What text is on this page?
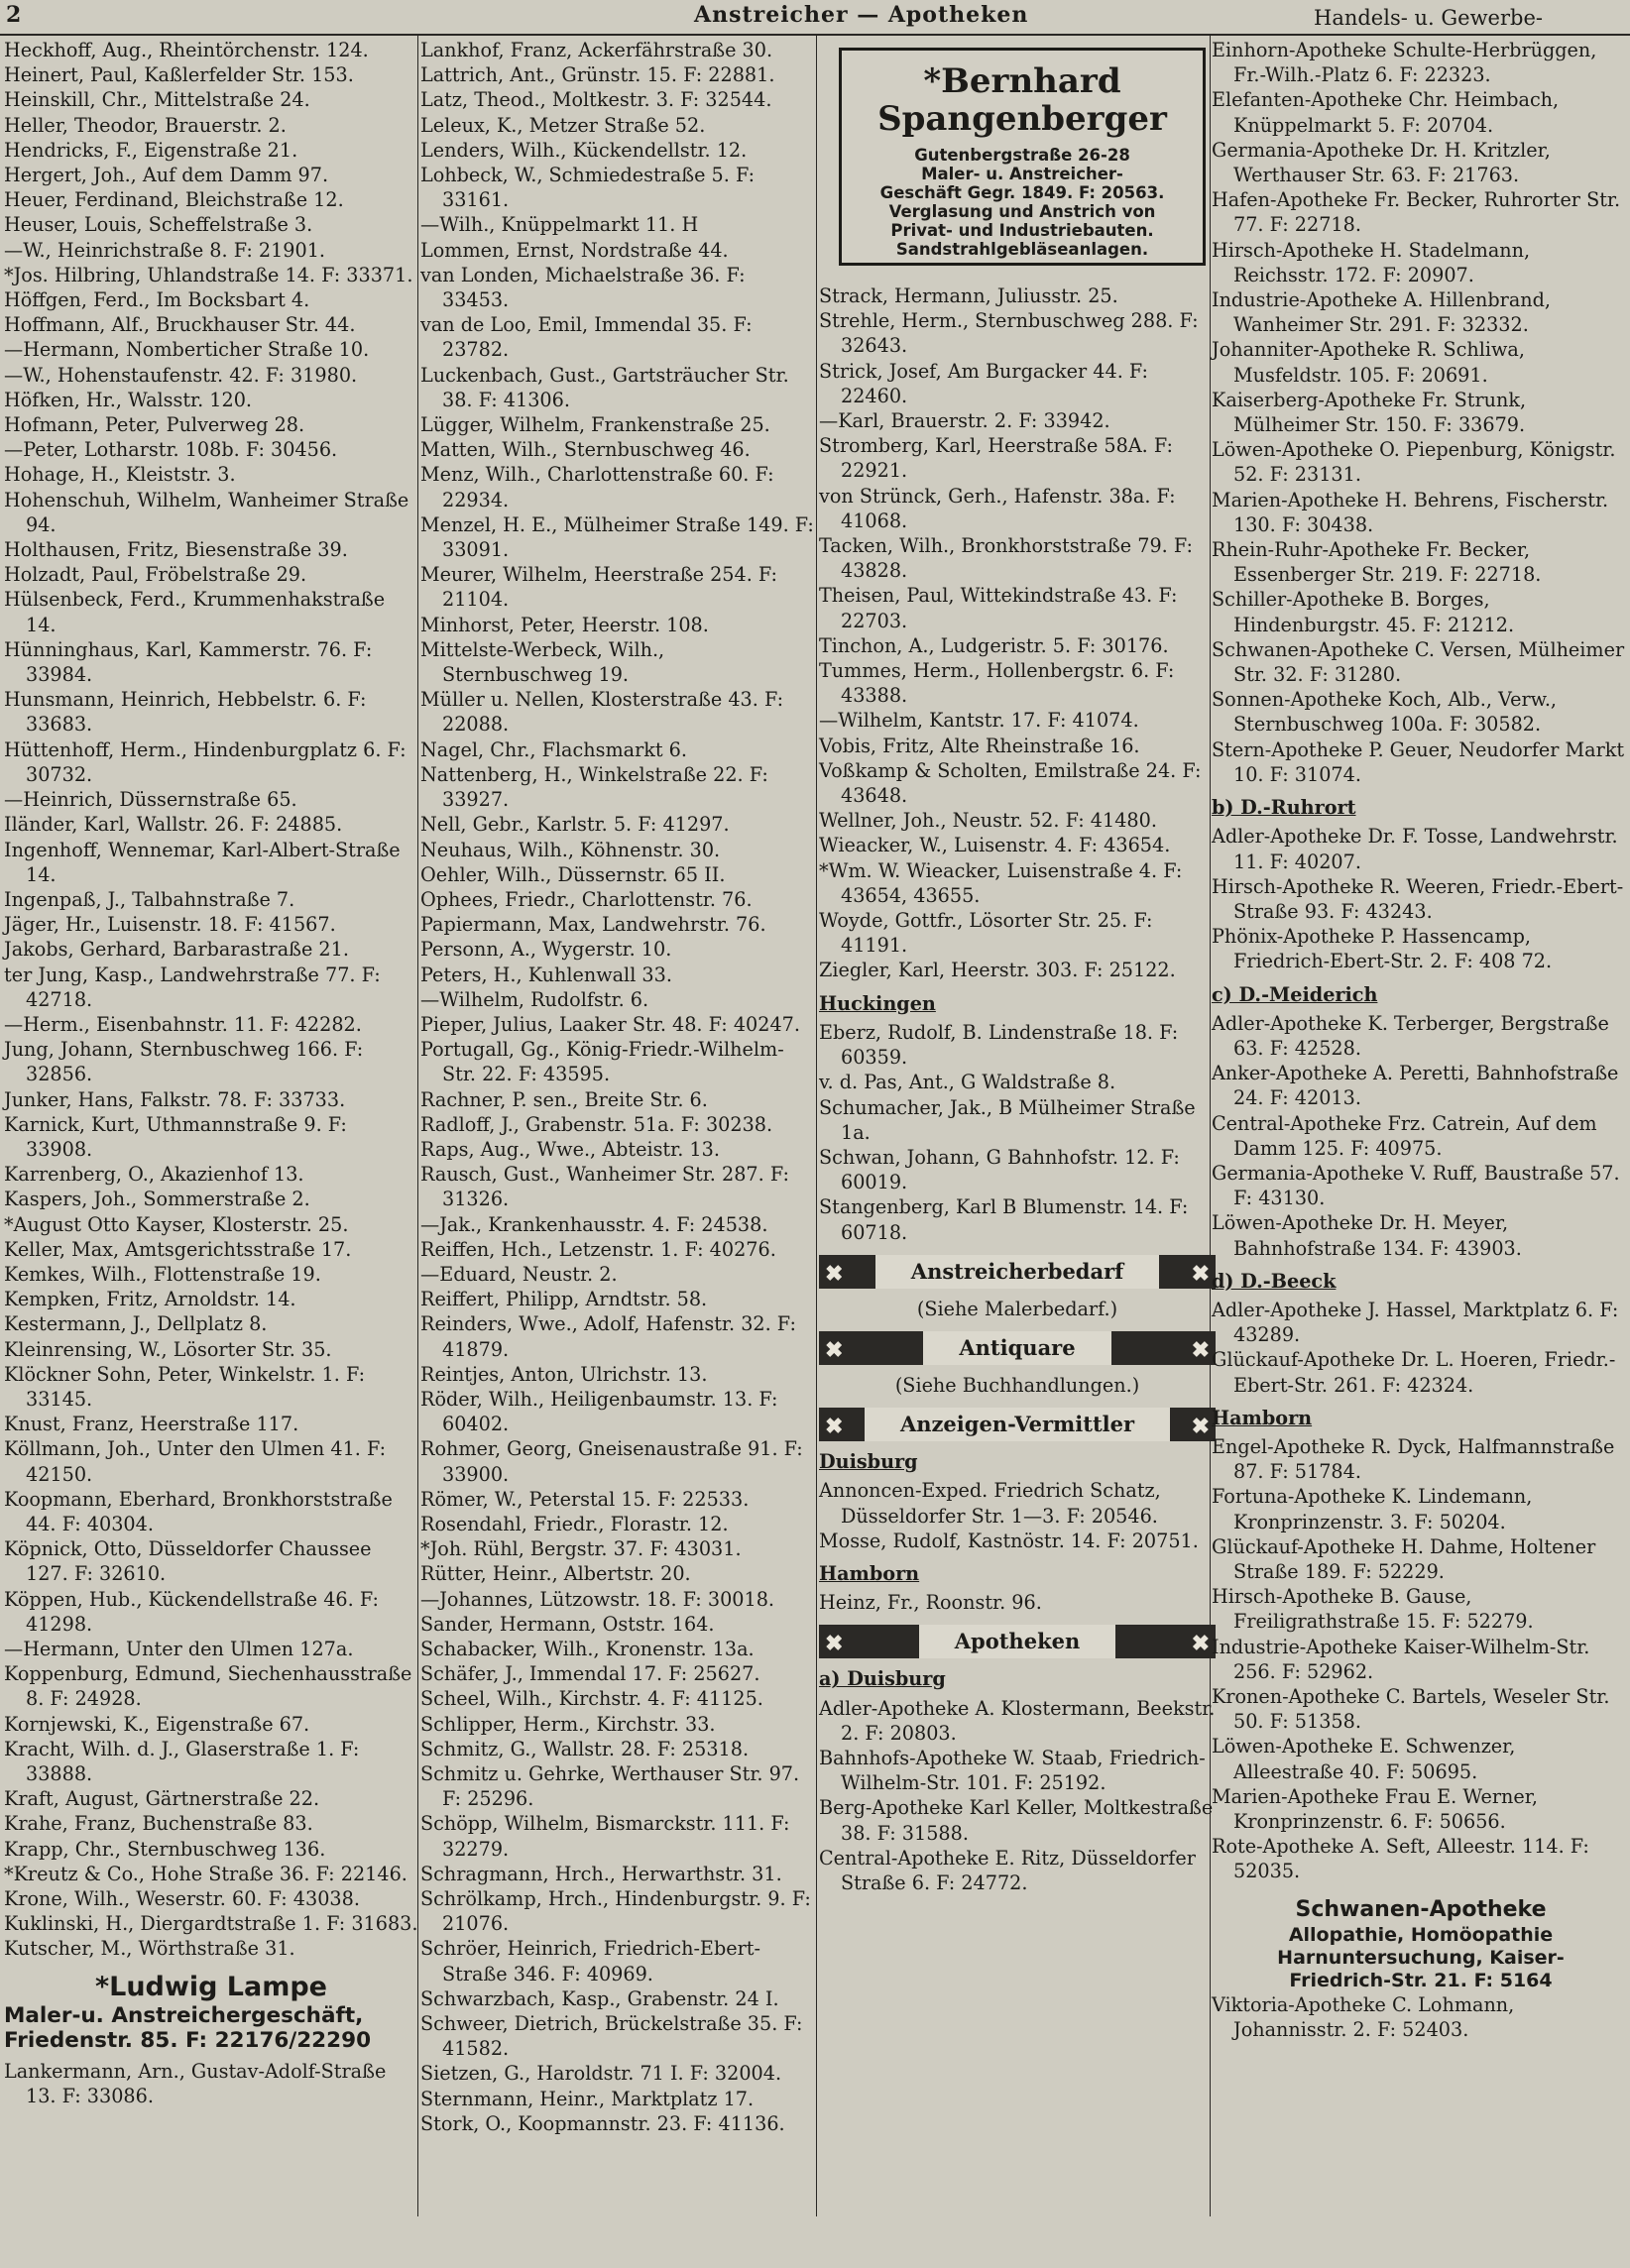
2	Anstreicher — Apotheken	Handels- u. Gewerbe-
Heckhoff, Aug., Rheintörchenstr. 124.
Heinert, Paul, Kaßlerfelder Str. 153.
Heinskill, Chr., Mittelstraße 24.
Heller, Theodor, Brauerstr. 2.
Hendricks, F., Eigenstraße 21.
Hergert, Joh., Auf dem Damm 97.
Heuer, Ferdinand, Bleichstraße 12.
Heuser, Louis, Scheffelstraße 3.
—W., Heinrichstraße 8. F: 21901.
*Jos. Hilbring, Uhlandstraße 14. F: 33371.
Höffgen, Ferd., Im Bocksbart 4.
Hoffmann, Alf., Bruckhauser Str. 44.
—Hermann, Nomberticher Straße 10.
—W., Hohenstaufenstr. 42. F: 31980.
Höfken, Hr., Walsstr. 120.
Hofmann, Peter, Pulverweg 28.
—Peter, Lotharstr. 108b. F: 30456.
Hohage, H., Kleiststr. 3.
Hohenschuh, Wilhelm, Wanheimer Straße 94.
Holthausen, Fritz, Biesenstraße 39.
Holzadt, Paul, Fröbelstraße 29.
Hülsenbeck, Ferd., Krummenhakstraße 14.
Hünninghaus, Karl, Kammerstr. 76. F: 33984.
Hunsmann, Heinrich, Hebbelstr. 6. F: 33683.
Hüttenhoff, Herm., Hindenburgplatz 6. F: 30732.
—Heinrich, Düssernstraße 65.
Iländer, Karl, Wallstr. 26. F: 24885.
Ingenhoff, Wennemar, Karl-Albert-Straße 14.
Ingenpaß, J., Talbahnstraße 7.
Jäger, Hr., Luisenstr. 18. F: 41567.
Jakobs, Gerhard, Barbarastraße 21.
ter Jung, Kasp., Landwehrstraße 77. F: 42718.
—Herm., Eisenbahnstr. 11. F: 42282.
Jung, Johann, Sternbuschweg 166. F: 32856.
Junker, Hans, Falkstr. 78. F: 33733.
Karnick, Kurt, Uthmannstraße 9. F: 33908.
Karrenberg, O., Akazienhof 13.
Kaspers, Joh., Sommerstraße 2.
*August Otto Kayser, Klosterstr. 25.
Keller, Max, Amtsgerichtsstraße 17.
Kemkes, Wilh., Flottenstraße 19.
Kempken, Fritz, Arnoldstr. 14.
Kestermann, J., Dellplatz 8.
Kleinrensing, W., Lösorter Str. 35.
Klöckner Sohn, Peter, Winkelstr. 1. F: 33145.
Knust, Franz, Heerstraße 117.
Köllmann, Joh., Unter den Ulmen 41. F: 42150.
Koopmann, Eberhard, Bronkhorststraße 44. F: 40304.
Köpnick, Otto, Düsseldorfer Chaussee 127. F: 32610.
Köppen, Hub., Kückendellstraße 46. F: 41298.
—Hermann, Unter den Ulmen 127a.
Koppenburg, Edmund, Siechenhausstraße 8. F: 24928.
Kornjewski, K., Eigenstraße 67.
Kracht, Wilh. d. J., Glaserstraße 1. F: 33888.
Kraft, August, Gärtnerstraße 22.
Krahe, Franz, Buchenstraße 83.
Krapp, Chr., Sternbuschweg 136.
*Kreutz & Co., Hohe Straße 36. F: 22146.
Krone, Wilh., Weserstr. 60. F: 43038.
Kuklinski, H., Diergardtstraße 1. F: 31683.
Kutscher, M., Wörthstraße 31.
*Ludwig Lampe
Maler-u. Anstreichergeschäft,
Friedenstr. 85. F: 22176/22290
Lankermann, Arn., Gustav-Adolf-Straße 13. F: 33086.
Lankhof, Franz, Ackerfährstraße 30.
Lattrich, Ant., Grünstr. 15. F: 22881.
Latz, Theod., Moltkestr. 3. F: 32544.
Leleux, K., Metzer Straße 52.
Lenders, Wilh., Kückendellstr. 12.
Lohbeck, W., Schmiedestraße 5. F: 33161.
—Wilh., Knüppelmarkt 11. H
Lommen, Ernst, Nordstraße 44.
van Londen, Michaelstraße 36. F: 33453.
van de Loo, Emil, Immendal 35. F: 23782.
Luckenbach, Gust., Gartsträucher Str. 38. F: 41306.
Lügger, Wilhelm, Frankenstraße 25.
Matten, Wilh., Sternbuschweg 46.
Menz, Wilh., Charlottenstraße 60. F: 22934.
Menzel, H. E., Mülheimer Straße 149. F: 33091.
Meurer, Wilhelm, Heerstraße 254. F: 21104.
Minhorst, Peter, Heerstr. 108.
Mittelste-Werbeck, Wilh., Sternbuschweg 19.
Müller u. Nellen, Klosterstraße 43. F: 22088.
Nagel, Chr., Flachsmarkt 6.
Nattenberg, H., Winkelstraße 22. F: 33927.
Nell, Gebr., Karlstr. 5. F: 41297.
Neuhaus, Wilh., Köhnenstr. 30.
Oehler, Wilh., Düssernstr. 65 II.
Ophees, Friedr., Charlottenstr. 76.
Papiermann, Max, Landwehrstr. 76.
Personn, A., Wygerstr. 10.
Peters, H., Kuhlenwall 33.
—Wilhelm, Rudolfstr. 6.
Pieper, Julius, Laaker Str. 48. F: 40247.
Portugall, Gg., König-Friedr.-Wilhelm-Str. 22. F: 43595.
Rachner, P. sen., Breite Str. 6.
Radloff, J., Grabenstr. 51a. F: 30238.
Raps, Aug., Wwe., Abteistr. 13.
Rausch, Gust., Wanheimer Str. 287. F: 31326.
—Jak., Krankenhausstr. 4. F: 24538.
Reiffen, Hch., Letzenstr. 1. F: 40276.
—Eduard, Neustr. 2.
Reiffert, Philipp, Arndtstr. 58.
Reinders, Wwe., Adolf, Hafenstr. 32. F: 41879.
Reintjes, Anton, Ulrichstr. 13.
Röder, Wilh., Heiligenbaumstr. 13. F: 60402.
Rohmer, Georg, Gneisenaustraße 91. F: 33900.
Römer, W., Peterstal 15. F: 22533.
Rosendahl, Friedr., Florastr. 12.
*Joh. Rühl, Bergstr. 37. F: 43031.
Rütter, Heinr., Albertstr. 20.
—Johannes, Lützowstr. 18. F: 30018.
Sander, Hermann, Oststr. 164.
Schabacker, Wilh., Kronenstr. 13a.
Schäfer, J., Immendal 17. F: 25627.
Scheel, Wilh., Kirchstr. 4. F: 41125.
Schlipper, Herm., Kirchstr. 33.
Schmitz, G., Wallstr. 28. F: 25318.
Schmitz u. Gehrke, Werthauser Str. 97. F: 25296.
Schöpp, Wilhelm, Bismarckstr. 111. F: 32279.
Schragmann, Hrch., Herwarthstr. 31.
Schrölkamp, Hrch., Hindenburgstr. 9. F: 21076.
Schröer, Heinrich, Friedrich-Ebert-Straße 346. F: 40969.
Schwarzbach, Kasp., Grabenstr. 24 I.
Schweer, Dietrich, Brückelstraße 35. F: 41582.
Sietzen, G., Haroldstr. 71 I. F: 32004.
Sternmann, Heinr., Marktplatz 17.
Stork, O., Koopmannstr. 23. F: 41136.
*Bernhard
Spangenberger
Gutenbergstraße 26-28
Maler- u. Anstreicher-
Geschäft Gegr. 1849. F: 20563.
Verglasung und Anstrich von
Privat- und Industriebauten.
Sandstrahlgebläseanlagen.
Strack, Hermann, Juliusstr. 25.
Strehle, Herm., Sternbuschweg 288. F: 32643.
Strick, Josef, Am Burgacker 44. F: 22460.
—Karl, Brauerstr. 2. F: 33942.
Stromberg, Karl, Heerstraße 58A. F: 22921.
von Strünck, Gerh., Hafenstr. 38a. F: 41068.
Tacken, Wilh., Bronkhorststraße 79. F: 43828.
Theisen, Paul, Wittekindstraße 43. F: 22703.
Tinchon, A., Ludgeristr. 5. F: 30176.
Tummes, Herm., Hollenbergstr. 6. F: 43388.
—Wilhelm, Kantstr. 17. F: 41074.
Vobis, Fritz, Alte Rheinstraße 16.
Voßkamp & Scholten, Emilstraße 24. F: 43648.
Wellner, Joh., Neustr. 52. F: 41480.
Wieacker, W., Luisenstr. 4. F: 43654.
*Wm. W. Wieacker, Luisenstraße 4. F: 43654, 43655.
Woyde, Gottfr., Lösorter Str. 25. F: 41191.
Ziegler, Karl, Heerstr. 303. F: 25122.
Huckingen
Eberz, Rudolf, B. Lindenstraße 18. F: 60359.
v. d. Pas, Ant., G Waldstraße 8.
Schumacher, Jak., B Mülheimer Straße 1a.
Schwan, Johann, G Bahnhofstr. 12. F: 60019.
Stangenberg, Karl B Blumenstr. 14. F: 60718.
✖	Anstreicherbedarf	✖
(Siehe Malerbedarf.)
✖	Antiquare	✖
(Siehe Buchhandlungen.)
✖	Anzeigen-Vermittler	✖
Duisburg
Annoncen-Exped. Friedrich Schatz, Düsseldorfer Str. 1—3. F: 20546.
Mosse, Rudolf, Kastnöstr. 14. F: 20751.
Hamborn
Heinz, Fr., Roonstr. 96.
✖	Apotheken	✖
a) Duisburg
Adler-Apotheke A. Klostermann, Beekstr. 2. F: 20803.
Bahnhofs-Apotheke W. Staab, Friedrich-Wilhelm-Str. 101. F: 25192.
Berg-Apotheke Karl Keller, Moltkestraße 38. F: 31588.
Central-Apotheke E. Ritz, Düsseldorfer Straße 6. F: 24772.
Einhorn-Apotheke Schulte-Herbrüggen, Fr.-Wilh.-Platz 6. F: 22323.
Elefanten-Apotheke Chr. Heimbach, Knüppelmarkt 5. F: 20704.
Germania-Apotheke Dr. H. Kritzler, Werthauser Str. 63. F: 21763.
Hafen-Apotheke Fr. Becker, Ruhrorter Str. 77. F: 22718.
Hirsch-Apotheke H. Stadelmann, Reichsstr. 172. F: 20907.
Industrie-Apotheke A. Hillenbrand, Wanheimer Str. 291. F: 32332.
Johanniter-Apotheke R. Schliwa, Musfeldstr. 105. F: 20691.
Kaiserberg-Apotheke Fr. Strunk, Mülheimer Str. 150. F: 33679.
Löwen-Apotheke O. Piepenburg, Königstr. 52. F: 23131.
Marien-Apotheke H. Behrens, Fischerstr. 130. F: 30438.
Rhein-Ruhr-Apotheke Fr. Becker, Essenberger Str. 219. F: 22718.
Schiller-Apotheke B. Borges, Hindenburgstr. 45. F: 21212.
Schwanen-Apotheke C. Versen, Mülheimer Str. 32. F: 31280.
Sonnen-Apotheke Koch, Alb., Verw., Sternbuschweg 100a. F: 30582.
Stern-Apotheke P. Geuer, Neudorfer Markt 10. F: 31074.
b) D.-Ruhrort
Adler-Apotheke Dr. F. Tosse, Landwehrstr. 11. F: 40207.
Hirsch-Apotheke R. Weeren, Friedr.-Ebert-Straße 93. F: 43243.
Phönix-Apotheke P. Hassencamp, Friedrich-Ebert-Str. 2. F: 408 72.
c) D.-Meiderich
Adler-Apotheke K. Terberger, Bergstraße 63. F: 42528.
Anker-Apotheke A. Peretti, Bahnhofstraße 24. F: 42013.
Central-Apotheke Frz. Catrein, Auf dem Damm 125. F: 40975.
Germania-Apotheke V. Ruff, Baustraße 57. F: 43130.
Löwen-Apotheke Dr. H. Meyer, Bahnhofstraße 134. F: 43903.
d) D.-Beeck
Adler-Apotheke J. Hassel, Marktplatz 6. F: 43289.
Glückauf-Apotheke Dr. L. Hoeren, Friedr.-Ebert-Str. 261. F: 42324.
Hamborn
Engel-Apotheke R. Dyck, Halfmannstraße 87. F: 51784.
Fortuna-Apotheke K. Lindemann, Kronprinzenstr. 3. F: 50204.
Glückauf-Apotheke H. Dahme, Holtener Straße 189. F: 52229.
Hirsch-Apotheke B. Gause, Freiligrathstraße 15. F: 52279.
Industrie-Apotheke Kaiser-Wilhelm-Str. 256. F: 52962.
Kronen-Apotheke C. Bartels, Weseler Str. 50. F: 51358.
Löwen-Apotheke E. Schwenzer, Alleestraße 40. F: 50695.
Marien-Apotheke Frau E. Werner, Kronprinzenstr. 6. F: 50656.
Rote-Apotheke A. Seft, Alleestr. 114. F: 52035.
Schwanen-Apotheke
Allopathie, Homöopathie
Harnuntersuchung, Kaiser-
Friedrich-Str. 21. F: 5164
Viktoria-Apotheke C. Lohmann, Johannisstr. 2. F: 52403.
